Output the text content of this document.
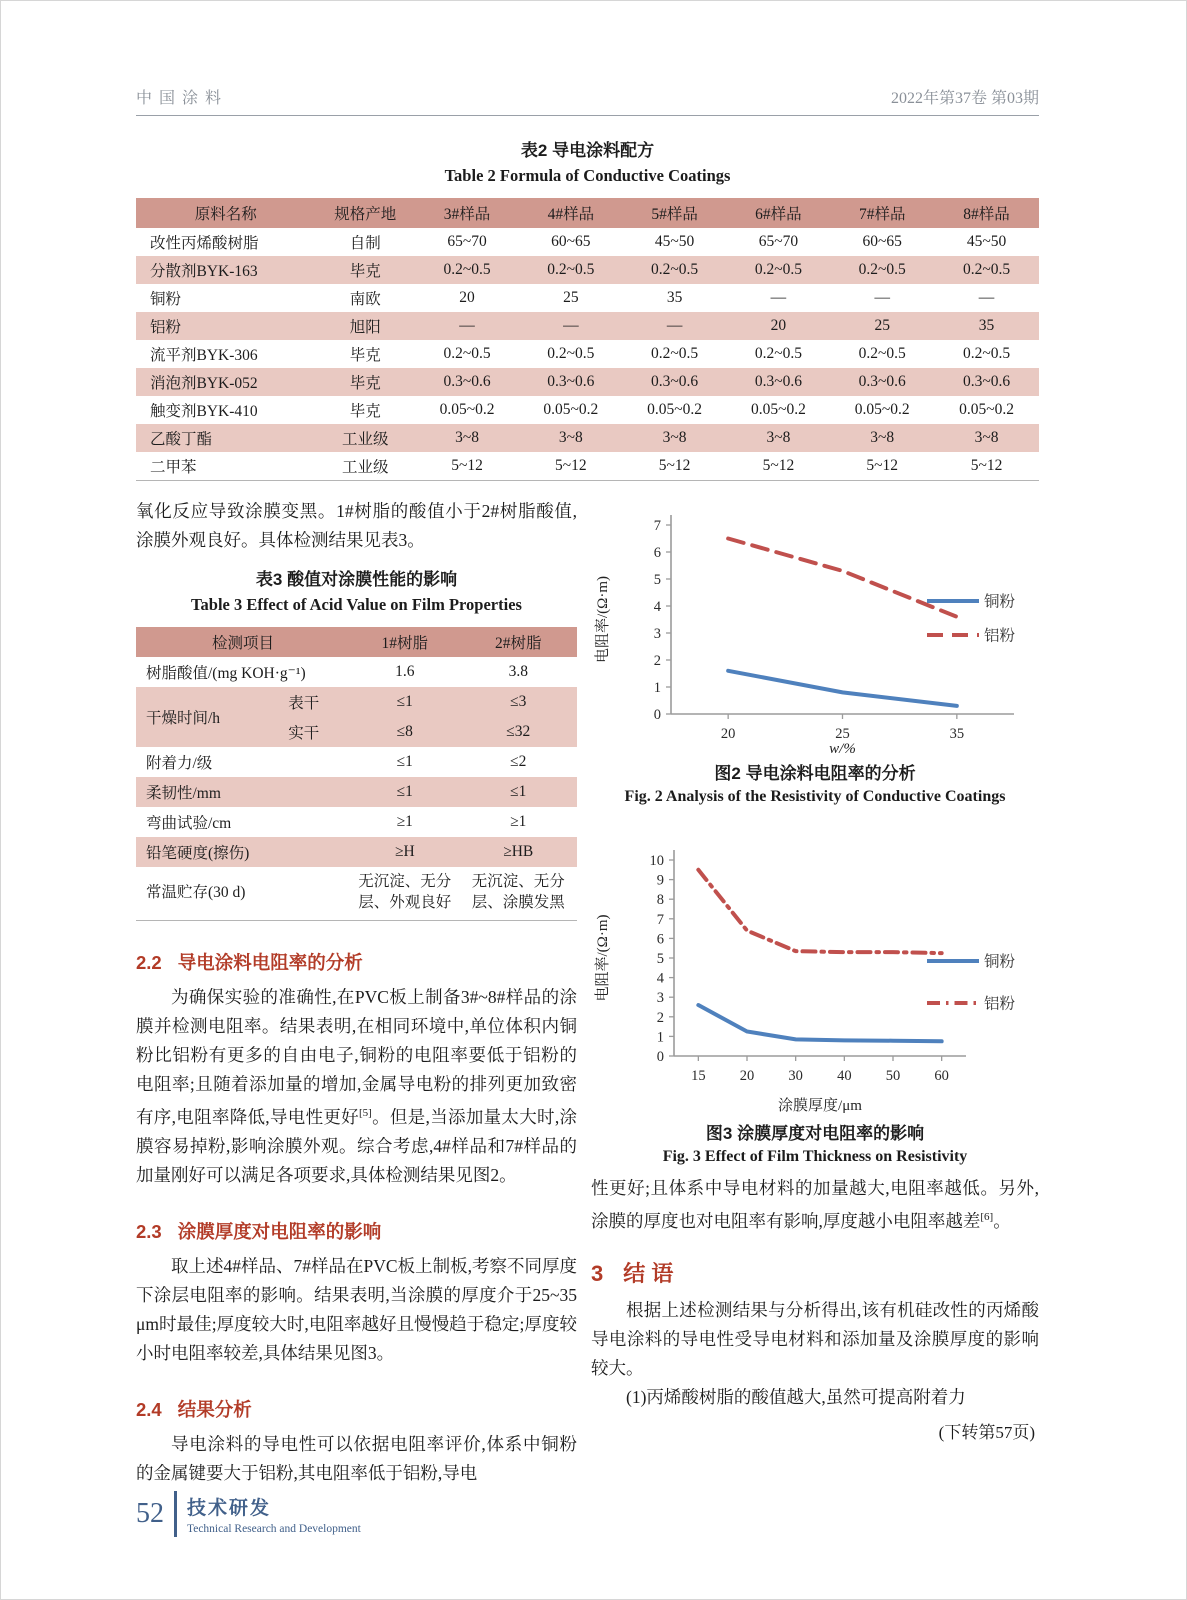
中国涂料	2022年第37卷 第03期
表2 导电涂料配方
Table 2 Formula of Conductive Coatings
原料名称	规格产地	3#样品	4#样品	5#样品	6#样品	7#样品	8#样品
改性丙烯酸树脂	自制	65~70	60~65	45~50	65~70	60~65	45~50
分散剂BYK-163	毕克	0.2~0.5	0.2~0.5	0.2~0.5	0.2~0.5	0.2~0.5	0.2~0.5
铜粉	南欧	20	25	35	—	—	—
铝粉	旭阳	—	—	—	20	25	35
流平剂BYK-306	毕克	0.2~0.5	0.2~0.5	0.2~0.5	0.2~0.5	0.2~0.5	0.2~0.5
消泡剂BYK-052	毕克	0.3~0.6	0.3~0.6	0.3~0.6	0.3~0.6	0.3~0.6	0.3~0.6
触变剂BYK-410	毕克	0.05~0.2	0.05~0.2	0.05~0.2	0.05~0.2	0.05~0.2	0.05~0.2
乙酸丁酯	工业级	3~8	3~8	3~8	3~8	3~8	3~8
二甲苯	工业级	5~12	5~12	5~12	5~12	5~12	5~12

氧化反应导致涂膜变黑。1#树脂的酸值小于2#树脂酸值,涂膜外观良好。具体检测结果见表3。

表3 酸值对涂膜性能的影响
Table 3 Effect of Acid Value on Film Properties
检测项目		1#树脂	2#树脂
树脂酸值/(mg KOH·g⁻¹)		1.6	3.8
干燥时间/h	表干	≤1	≤3
	实干	≤8	≤32
附着力/级		≤1	≤2
柔韧性/mm		≤1	≤1
弯曲试验/cm		≥1	≥1
铅笔硬度(擦伤)		≥H	≥HB
常温贮存(30 d)		无沉淀、无分层、外观良好	无沉淀、无分层、涂膜发黑
2.2 导电涂料电阻率的分析

为确保实验的准确性,在PVC板上制备3#~8#样品的涂膜并检测电阻率。结果表明,在相同环境中,单位体积内铜粉比铝粉有更多的自由电子,铜粉的电阻率要低于铝粉的电阻率;且随着添加量的增加,金属导电粉的排列更加致密有序,电阻率降低,导电性更好[5]。但是,当添加量太大时,涂膜容易掉粉,影响涂膜外观。综合考虑,4#样品和7#样品的加量刚好可以满足各项要求,具体检测结果见图2。

2.3 涂膜厚度对电阻率的影响

取上述4#样品、7#样品在PVC板上制板,考察不同厚度下涂层电阻率的影响。结果表明,当涂膜的厚度介于25~35 μm时最佳;厚度较大时,电阻率越好且慢慢趋于稳定;厚度较小时电阻率较差,具体结果见图3。

2.4 结果分析

导电涂料的导电性可以依据电阻率评价,体系中铜粉的金属键要大于铝粉,其电阻率低于铝粉,导电

0
1
2
3
4
5
6
7
20	25	35
电阻率/(Ω·m)
w/%
铜粉
铝粉
图2 导电涂料电阻率的分析
Fig. 2 Analysis of the Resistivity of Conductive Coatings
0
1
2
3
4
5
6
7
8
9
10
15 20 30 40 50 60
电阻率/(Ω·m)
涂膜厚度/μm
铜粉
铝粉
图3 涂膜厚度对电阻率的影响
Fig. 3 Effect of Film Thickness on Resistivity

性更好;且体系中导电材料的加量越大,电阻率越低。另外,涂膜的厚度也对电阻率有影响,厚度越小电阻率越差[6]。

3 结 语

根据上述检测结果与分析得出,该有机硅改性的丙烯酸导电涂料的导电性受导电材料和添加量及涂膜厚度的影响较大。

(1)丙烯酸树脂的酸值越大,虽然可提高附着力

(下转第57页)
52 技术研发
Technical Research and Development
